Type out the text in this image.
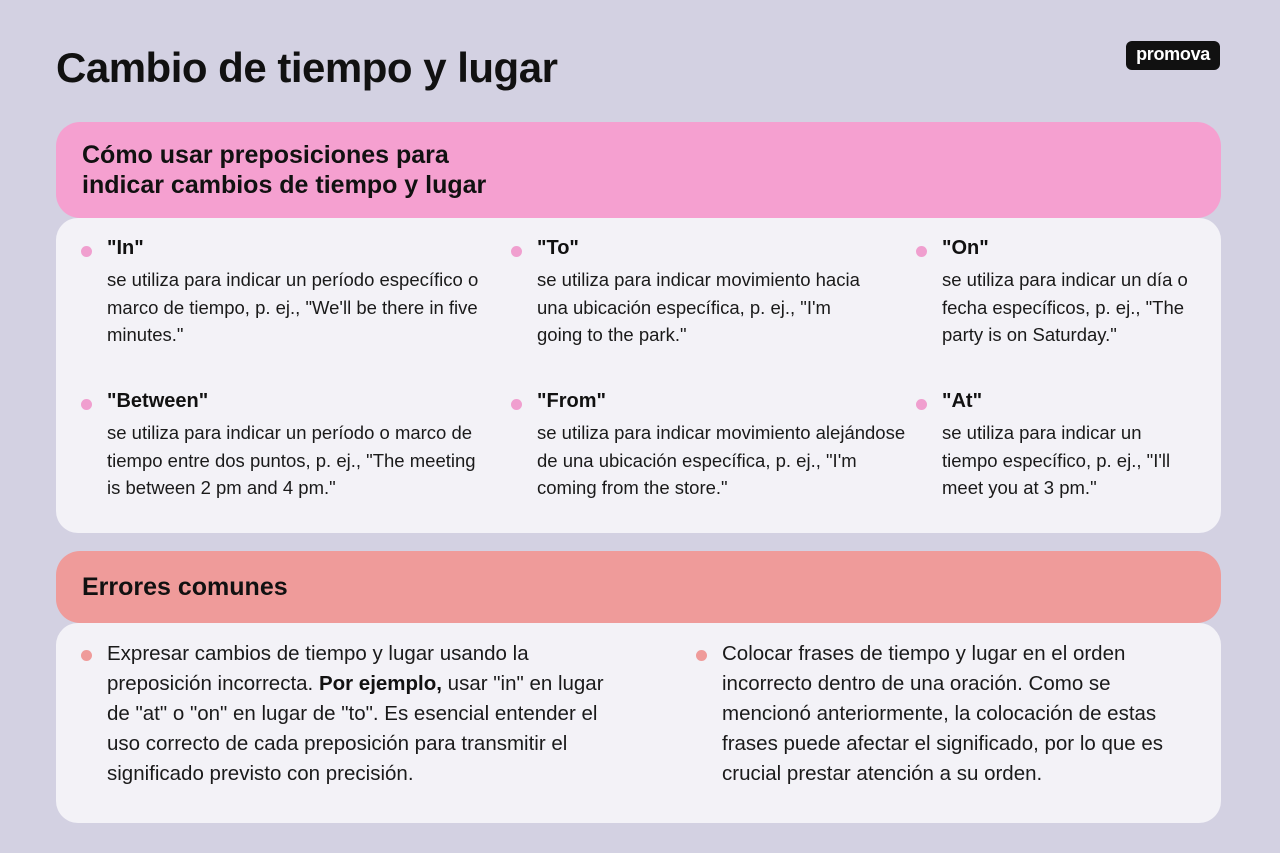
Cambio de tiempo y lugar	promova
Cómo usar preposiciones para
indicar cambios de tiempo y lugar
"In"
se utiliza para indicar un período específico o marco de tiempo, p. ej., "We'll be there in five minutes."
"To"
se utiliza para indicar movimiento hacia una ubicación específica, p. ej., "I'm going to the park."
"On"
se utiliza para indicar un día o fecha específicos, p. ej., "The party is on Saturday."
"Between"
se utiliza para indicar un período o marco de tiempo entre dos puntos, p. ej., "The meeting is between 2 pm and 4 pm."
"From"
se utiliza para indicar movimiento alejándose de una ubicación específica, p. ej., "I'm coming from the store."
"At"
se utiliza para indicar un tiempo específico, p. ej., "I'll meet you at 3 pm."
Errores comunes
Expresar cambios de tiempo y lugar usando la preposición incorrecta. Por ejemplo, usar "in" en lugar de "at" o "on" en lugar de "to". Es esencial entender el uso correcto de cada preposición para transmitir el significado previsto con precisión.
Colocar frases de tiempo y lugar en el orden incorrecto dentro de una oración. Como se mencionó anteriormente, la colocación de estas frases puede afectar el significado, por lo que es crucial prestar atención a su orden.
